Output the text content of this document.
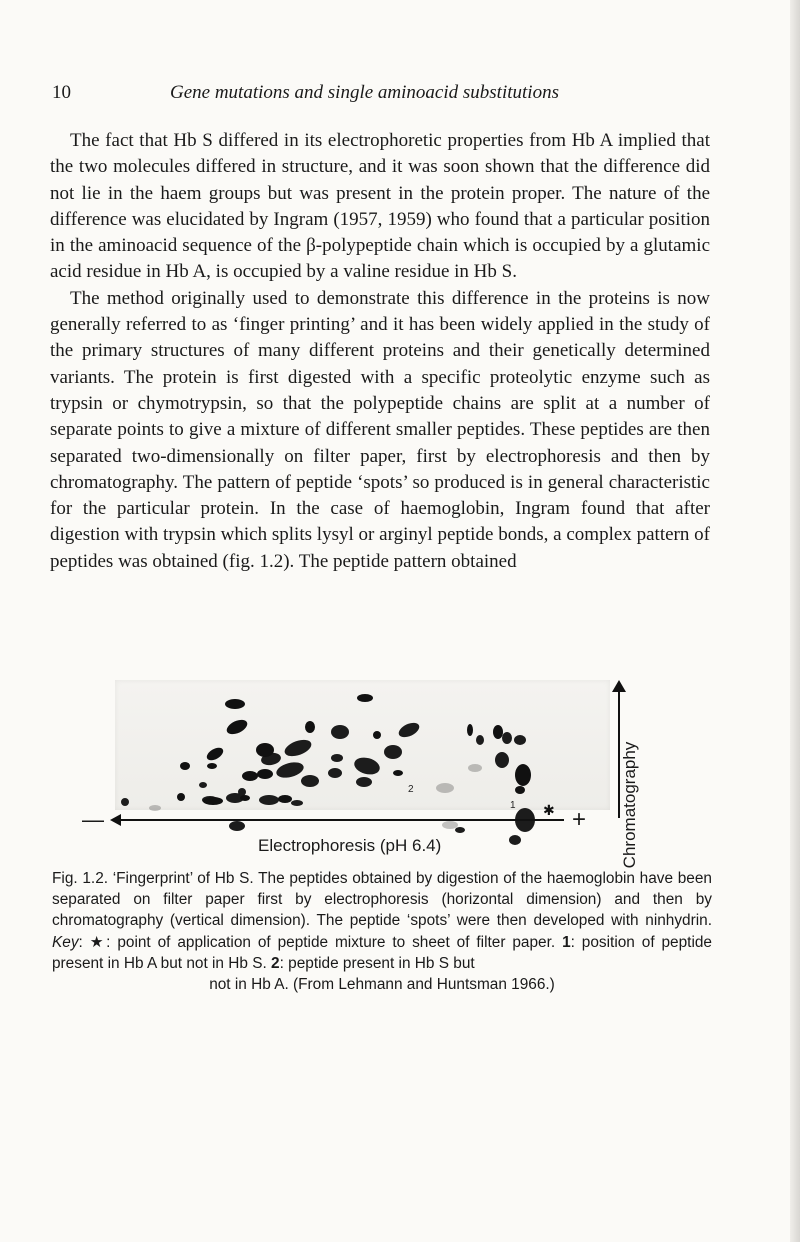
10	Gene mutations and single aminoacid substitutions

The fact that Hb S differed in its electrophoretic properties from Hb A implied that the two molecules differed in structure, and it was soon shown that the difference did not lie in the haem groups but was present in the protein proper. The nature of the difference was elucidated by Ingram (1957, 1959) who found that a particular position in the aminoacid sequence of the β-polypeptide chain which is occupied by a glutamic acid residue in Hb A, is occupied by a valine residue in Hb S.

The method originally used to demonstrate this difference in the proteins is now generally referred to as ‘finger printing’ and it has been widely applied in the study of the primary structures of many different proteins and their genetically determined variants. The protein is first digested with a specific proteolytic enzyme such as trypsin or chymotrypsin, so that the polypeptide chains are split at a number of separate points to give a mixture of different smaller peptides. These peptides are then separated two-dimensionally on filter paper, first by electrophoresis and then by chromatography. The pattern of peptide ‘spots’ so produced is in general characteristic for the particular protein. In the case of haemoglobin, Ingram found that after digestion with trypsin which splits lysyl or arginyl peptide bonds, a complex pattern of peptides was obtained (fig. 1.2). The peptide pattern obtained

2
1 ✱	Chromatography
—	+
Electrophoresis (pH 6.4)
Fig. 1.2. ‘Fingerprint’ of Hb S. The peptides obtained by digestion of the haemoglobin have been separated on filter paper first by electrophoresis (horizontal dimension) and then by chromatography (vertical dimension). The peptide ‘spots’ were then developed with ninhydrin. Key: ★: point of application of peptide mixture to sheet of filter paper. 1: position of peptide present in Hb A but not in Hb S. 2: peptide present in Hb S but
not in Hb A. (From Lehmann and Huntsman 1966.)
